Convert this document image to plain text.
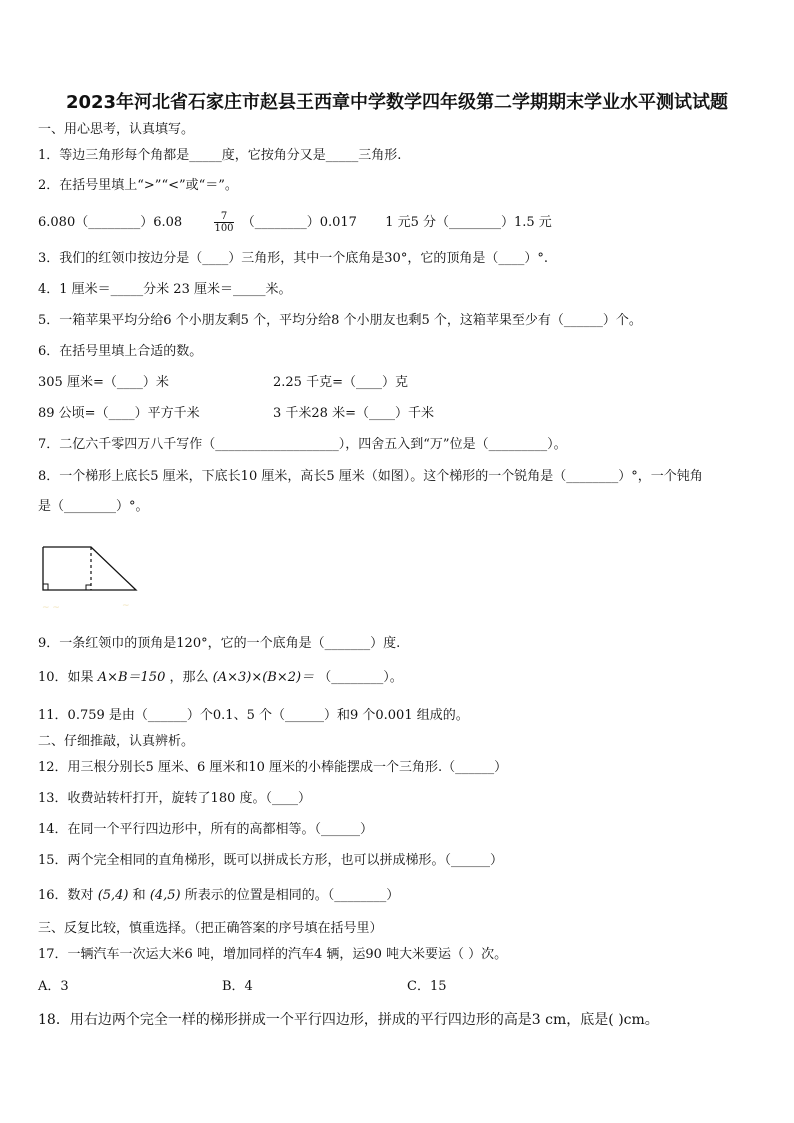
2023年河北省石家庄市赵县王西章中学数学四年级第二学期期末学业水平测试试题
一、用心思考，认真填写。
1．等边三角形每个角都是_____度，它按角分又是_____三角形.
2．在括号里填上“>”“<”或“＝”。
6.080（________）6.08	$\frac{7}{100}$ （________）0.017 1 元5 分（________）1.5 元
3．我们的红领巾按边分是（____）三角形，其中一个底角是30°，它的顶角是（____）°.
4．1 厘米＝_____分米 23 厘米＝_____米。
5．一箱苹果平均分给6 个小朋友剩5 个，平均分给8 个小朋友也剩5 个，这箱苹果至少有（______）个。
6．在括号里填上合适的数。
305 厘米=（____）米	2.25 千克=（____）克
89 公顷=（____）平方千米	3 千米28 米=（____）千米
7．二亿六千零四万八千写作（___________________），四舍五入到“万”位是（_________）。
8．一个梯形上底长5 厘米，下底长10 厘米，高长5 厘米（如图）。这个梯形的一个锐角是（________）°，一个钝角
是（________）°。
~ ~	~
9．一条红领巾的顶角是120°，它的一个底角是（_______）度.
10．如果 A×B＝150 ，那么 (A×3)×(B×2)＝ （________）。
11．0.759 是由（______）个0.1、5 个（______）和9 个0.001 组成的。
二、仔细推敲，认真辨析。
12．用三根分别长5 厘米、6 厘米和10 厘米的小棒能摆成一个三角形.（______）
13．收费站转杆打开，旋转了180 度。（____）
14．在同一个平行四边形中，所有的高都相等。（______）
15．两个完全相同的直角梯形，既可以拼成长方形，也可以拼成梯形。（______）
16．数对 (5,4) 和 (4,5) 所表示的位置是相同的。（________）
三、反复比较，慎重选择。（把正确答案的序号填在括号里）
17．一辆汽车一次运大米6 吨，增加同样的汽车4 辆，运90 吨大米要运（ ）次。
A．3	B．4	C．15
18．用右边两个完全一样的梯形拼成一个平行四边形，拼成的平行四边形的高是3 cm，底是( )cm。
